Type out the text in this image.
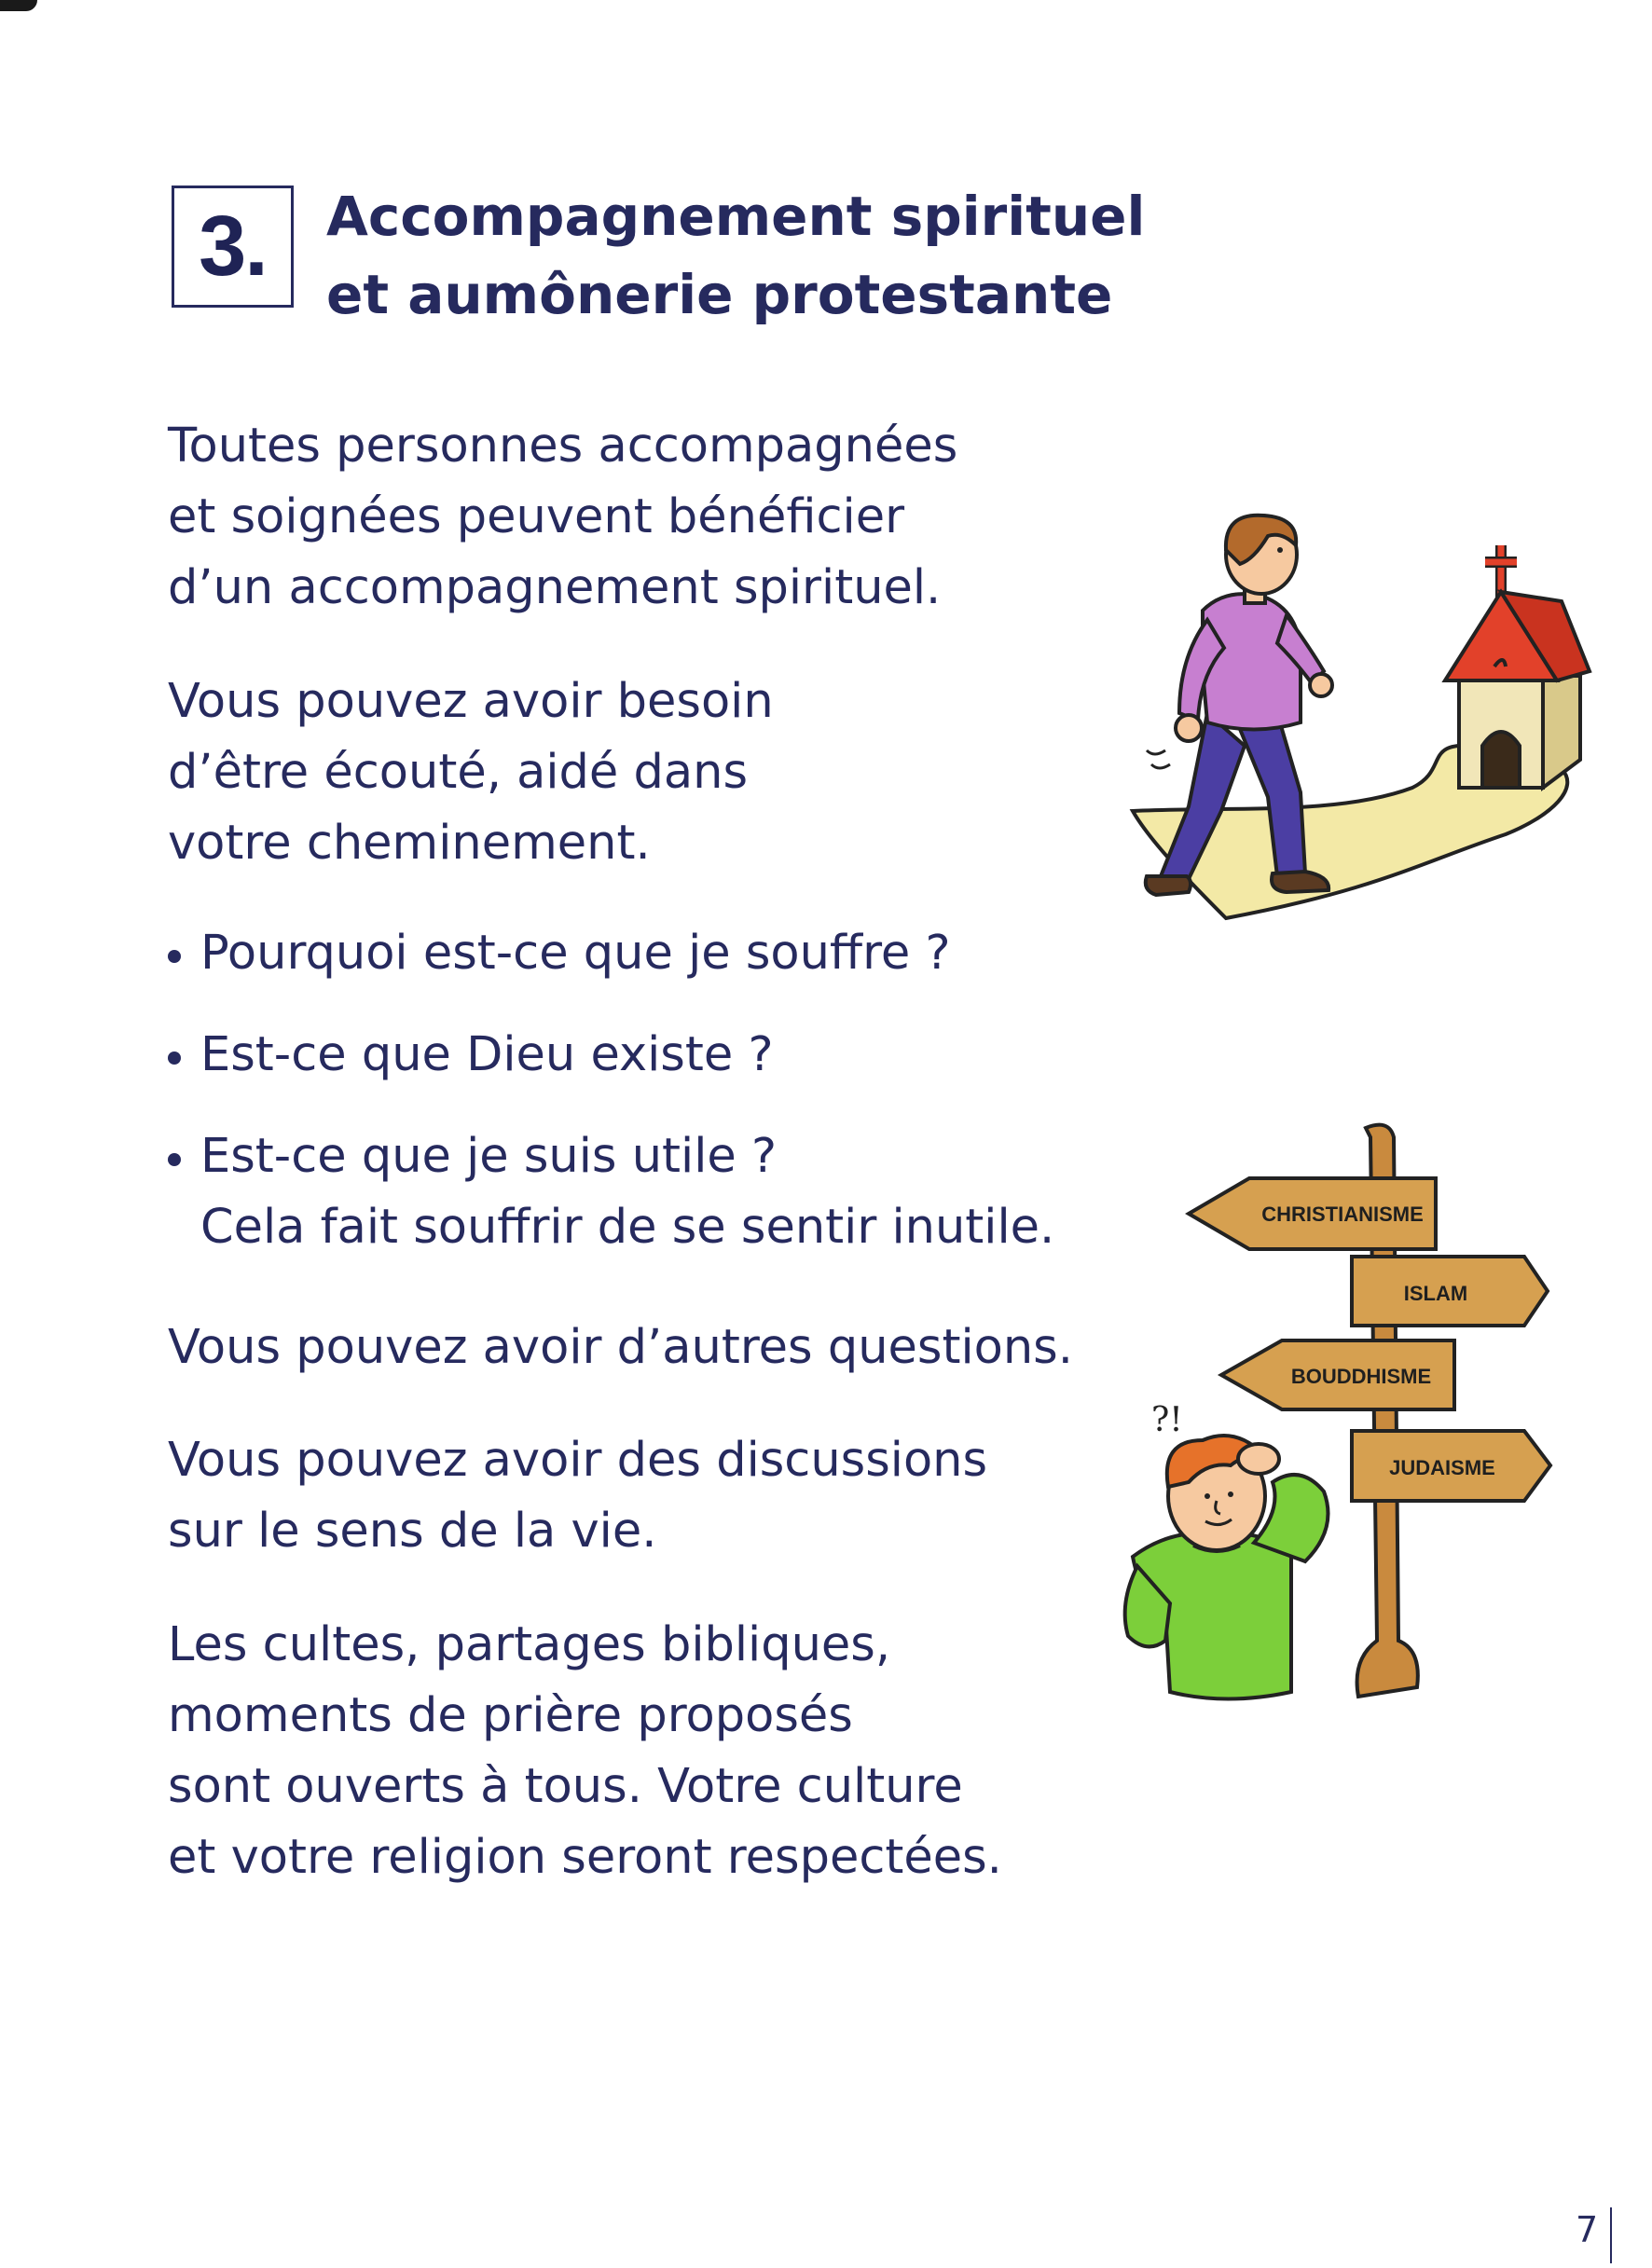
3. Accompagnement spirituel
et aumônerie protestante

Toutes personnes accompagnées
et soignées peuvent bénéficier
d’un accompagnement spirituel.

Vous pouvez avoir besoin
d’être écouté, aidé dans
votre cheminement.

Pourquoi est-ce que je souffre ?
Est-ce que Dieu existe ?
Est-ce que je suis utile ?
Cela fait souffrir de se sentir inutile.

Vous pouvez avoir d’autres questions.

Vous pouvez avoir des discussions
sur le sens de la vie.

Les cultes, partages bibliques,
moments de prière proposés
sont ouverts à tous. Votre culture
et votre religion seront respectées.

CHRISTIANISME
ISLAM
BOUDDHISME
JUDAISME
?!
7
